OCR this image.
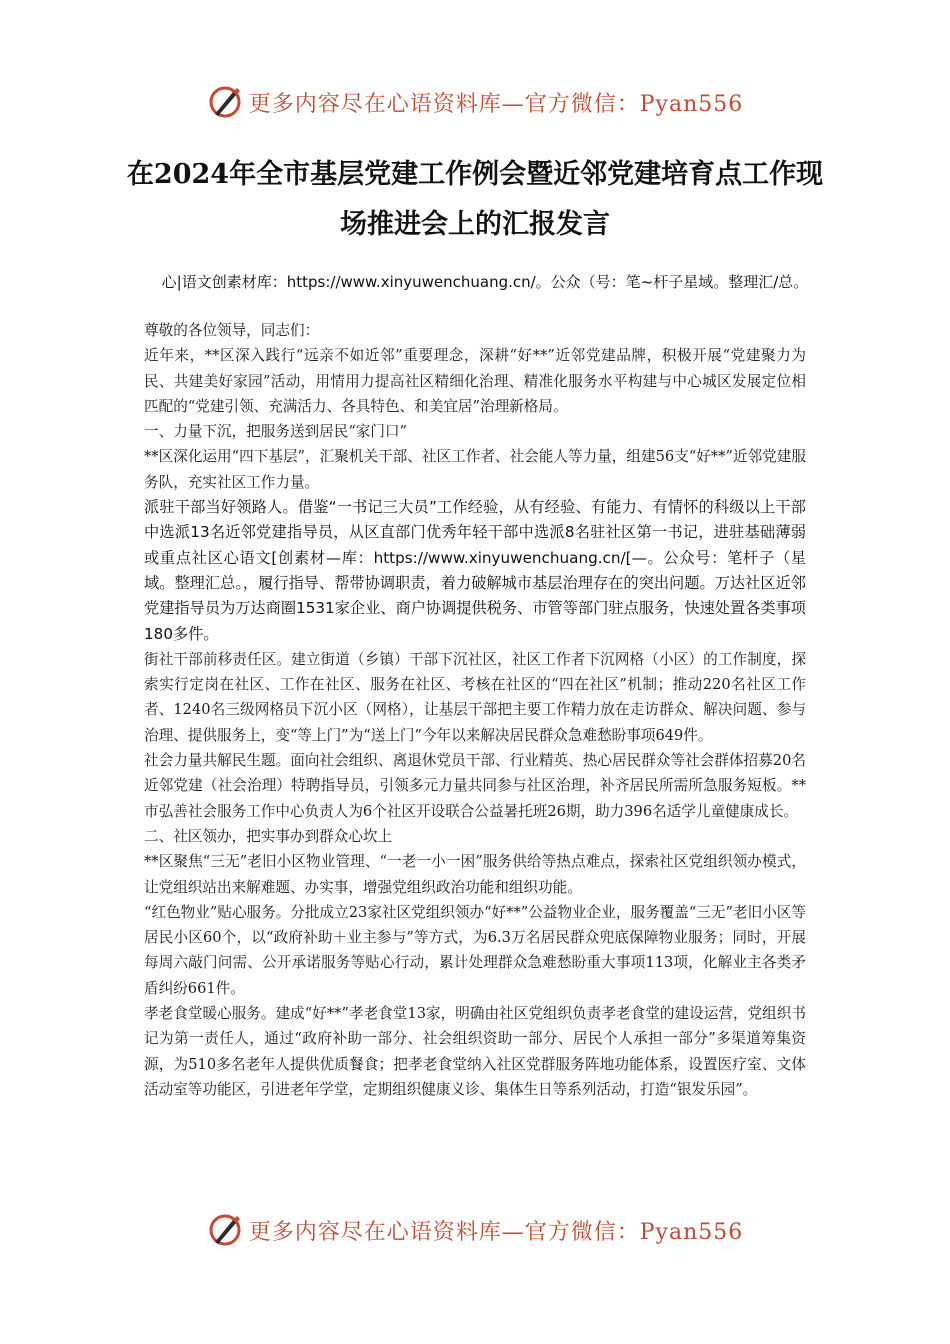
更多内容尽在心语资料库—官方微信：Pyan556
在2024年全市基层党建工作例会暨近邻党建培育点工作现场推进会上的汇报发言

心|语文创素材库：https://www.xinyuwenchuang.cn/。公众（号：笔~杆子星域。整理汇/总。

尊敬的各位领导，同志们：

近年来，**区深入践行“远亲不如近邻”重要理念，深耕“好**”近邻党建品牌，积极开展“党建聚力为民、共建美好家园”活动，用情用力提高社区精细化治理、精准化服务水平构建与中心城区发展定位相匹配的“党建引领、充满活力、各具特色、和美宜居”治理新格局。

一、力量下沉，把服务送到居民“家门口”

**区深化运用“四下基层”，汇聚机关干部、社区工作者、社会能人等力量，组建56支“好**”近邻党建服务队，充实社区工作力量。

派驻干部当好领路人。借鉴“一书记三大员”工作经验，从有经验、有能力、有情怀的科级以上干部中选派13名近邻党建指导员，从区直部门优秀年轻干部中选派8名驻社区第一书记，进驻基础薄弱或重点社区心语文[创素材—库：https://www.xinyuwenchuang.cn/[—。公众号：笔杆子（星域。整理汇总。，履行指导、帮带协调职责，着力破解城市基层治理存在的突出问题。万达社区近邻党建指导员为万达商圈1531家企业、商户协调提供税务、市管等部门驻点服务，快速处置各类事项180多件。

街社干部前移责任区。建立街道（乡镇）干部下沉社区，社区工作者下沉网格（小区）的工作制度，探索实行定岗在社区、工作在社区、服务在社区、考核在社区的“四在社区”机制；推动220名社区工作者、1240名三级网格员下沉小区（网格），让基层干部把主要工作精力放在走访群众、解决问题、参与治理、提供服务上，变“等上门”为“送上门”今年以来解决居民群众急难愁盼事项649件。

社会力量共解民生题。面向社会组织、离退休党员干部、行业精英、热心居民群众等社会群体招募20名近邻党建（社会治理）特聘指导员，引领多元力量共同参与社区治理，补齐居民所需所急服务短板。**市弘善社会服务工作中心负责人为6个社区开设联合公益暑托班26期，助力396名适学儿童健康成长。

二、社区领办，把实事办到群众心坎上

**区聚焦“三无”老旧小区物业管理、“一老一小一困”服务供给等热点难点，探索社区党组织领办模式，让党组织站出来解难题、办实事，增强党组织政治功能和组织功能。

“红色物业”贴心服务。分批成立23家社区党组织领办“好**”公益物业企业，服务覆盖“三无”老旧小区等居民小区60个，以“政府补助＋业主参与”等方式，为6.3万名居民群众兜底保障物业服务；同时，开展每周六敲门问需、公开承诺服务等贴心行动，累计处理群众急难愁盼重大事项113项，化解业主各类矛盾纠纷661件。

孝老食堂暖心服务。建成“好**”孝老食堂13家，明确由社区党组织负责孝老食堂的建设运营，党组织书记为第一责任人，通过“政府补助一部分、社会组织资助一部分、居民个人承担一部分”多渠道筹集资源，为510多名老年人提供优质餐食；把孝老食堂纳入社区党群服务阵地功能体系，设置医疗室、文体活动室等功能区，引进老年学堂，定期组织健康义诊、集体生日等系列活动，打造“银发乐园”。

更多内容尽在心语资料库—官方微信：Pyan556
